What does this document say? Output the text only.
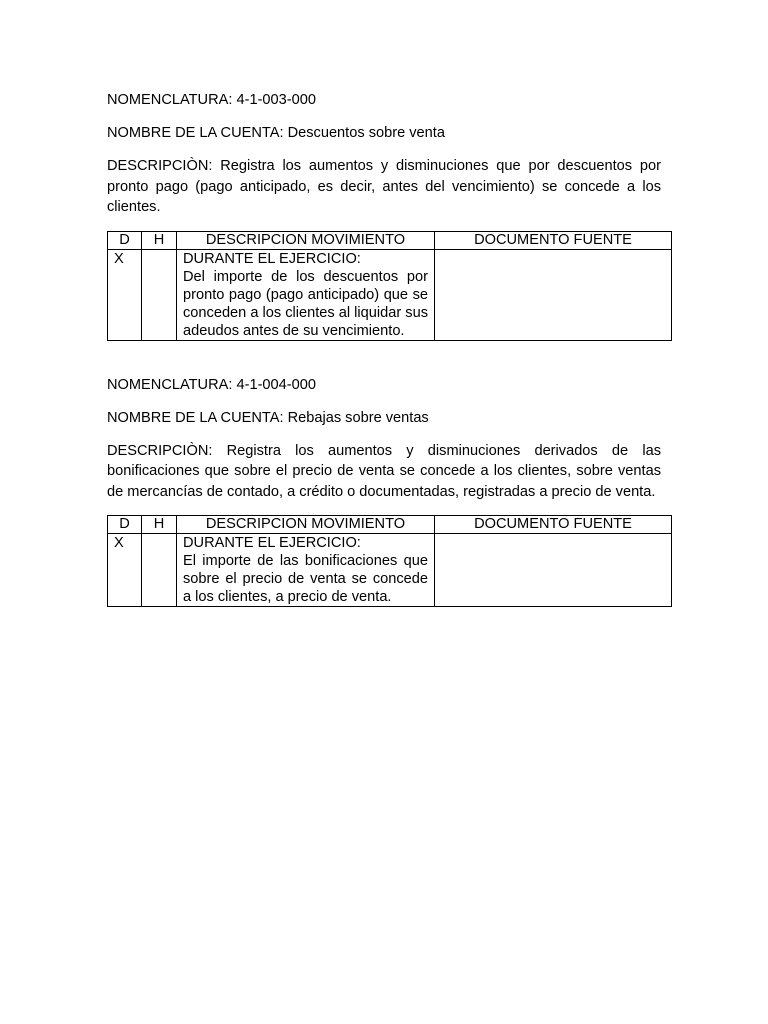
NOMENCLATURA: 4-1-003-000

NOMBRE DE LA CUENTA: Descuentos sobre venta

DESCRIPCIÒN: Registra los aumentos y disminuciones que por descuentos por pronto pago (pago anticipado, es decir, antes del vencimiento) se concede a los clientes.

D	H	DESCRIPCION MOVIMIENTO	DOCUMENTO FUENTE
X		DURANTE EL EJERCICIO:
Del importe de los descuentos por pronto pago (pago anticipado) que se conceden a los clientes al liquidar sus adeudos antes de su vencimiento.	

NOMENCLATURA: 4-1-004-000

NOMBRE DE LA CUENTA: Rebajas sobre ventas

DESCRIPCIÒN: Registra los aumentos y disminuciones derivados de las bonificaciones que sobre el precio de venta se concede a los clientes, sobre ventas de mercancías de contado, a crédito o documentadas, registradas a precio de venta.

D	H	DESCRIPCION MOVIMIENTO	DOCUMENTO FUENTE
X		DURANTE EL EJERCICIO:
El importe de las bonificaciones que sobre el precio de venta se concede a los clientes, a precio de venta.	
